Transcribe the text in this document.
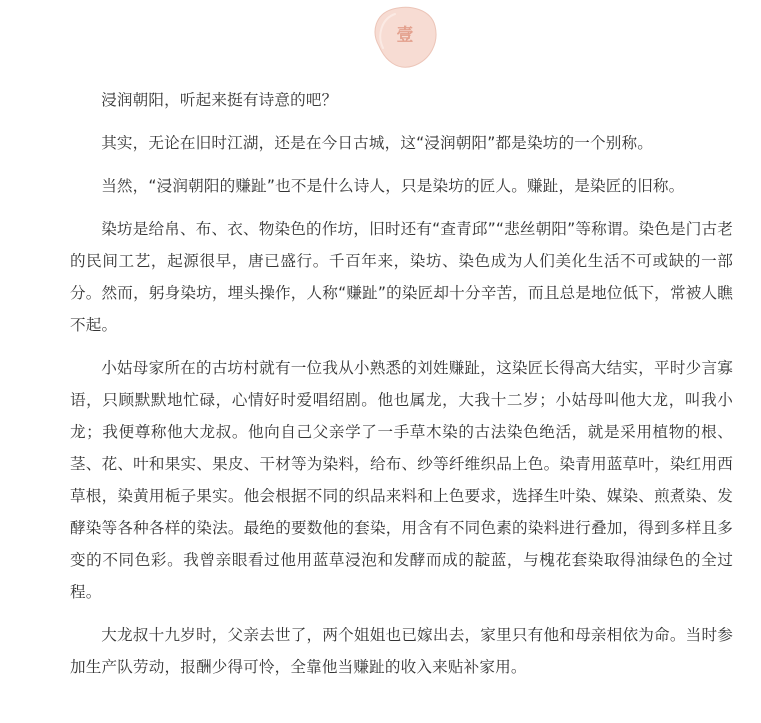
壹

浸润朝阳，听起来挺有诗意的吧？

其实，无论在旧时江湖，还是在今日古城，这“浸润朝阳”都是染坊的一个别称。

当然，“浸润朝阳的赚趾”也不是什么诗人，只是染坊的匠人。赚趾，是染匠的旧称。

染坊是给帛、布、衣、物染色的作坊，旧时还有“查青邱”“悲丝朝阳”等称谓。染色是门古老的民间工艺，起源很早，唐已盛行。千百年来，染坊、染色成为人们美化生活不可或缺的一部分。然而，躬身染坊，埋头操作，人称“赚趾”的染匠却十分辛苦，而且总是地位低下，常被人瞧不起。

小姑母家所在的古坊村就有一位我从小熟悉的刘姓赚趾，这染匠长得高大结实，平时少言寡语，只顾默默地忙碌，心情好时爱唱绍剧。他也属龙，大我十二岁；小姑母叫他大龙，叫我小龙；我便尊称他大龙叔。他向自己父亲学了一手草木染的古法染色绝活，就是采用植物的根、茎、花、叶和果实、果皮、干材等为染料，给布、纱等纤维织品上色。染青用蓝草叶，染红用西草根，染黄用栀子果实。他会根据不同的织品来料和上色要求，选择生叶染、媒染、煎煮染、发酵染等各种各样的染法。最绝的要数他的套染，用含有不同色素的染料进行叠加，得到多样且多变的不同色彩。我曾亲眼看过他用蓝草浸泡和发酵而成的靛蓝，与槐花套染取得油绿色的全过程。

大龙叔十九岁时，父亲去世了，两个姐姐也已嫁出去，家里只有他和母亲相依为命。当时参加生产队劳动，报酬少得可怜，全靠他当赚趾的收入来贴补家用。
